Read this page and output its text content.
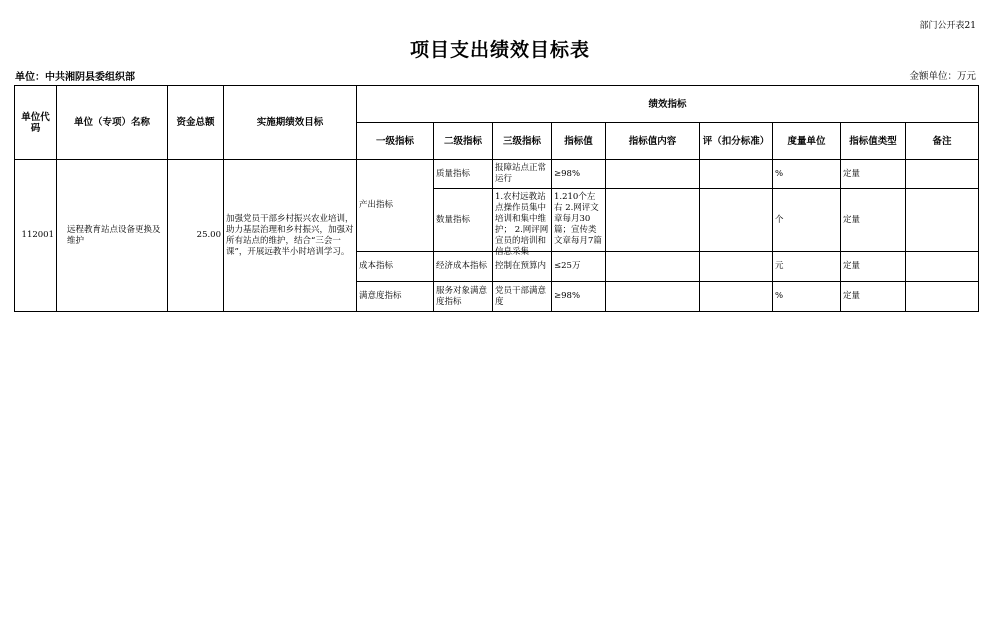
部门公开表21
项目支出绩效目标表
单位：中共湘阴县委组织部	金额单位：万元
单位代码	单位（专项）名称	资金总额	实施期绩效目标	绩效指标								
				一级指标	二级指标	三级指标	指标值	指标值内容	评（扣分标准）	度量单位	指标值类型	备注
112001	远程教育站点设备更换及维护	25.00	加强党员干部乡村振兴农业培训，助力基层治理和乡村振兴，加强对所有站点的维护，结合“三会一课”，开展远教半小时培训学习。	产出指标	质量指标	报障站点正常运行	≥98%			%	定量	
					数量指标	1.农村远教站点操作员集中培训和集中维护； 2.网评网宣员的培训和信息采集	1.210个左右 2.网评文章每月30篇；宣传类文章每月7篇			个	定量	
				成本指标	经济成本指标	控制在预算内	≤25万			元	定量	
				满意度指标	服务对象满意度指标	党员干部满意度	≥98%			%	定量	
